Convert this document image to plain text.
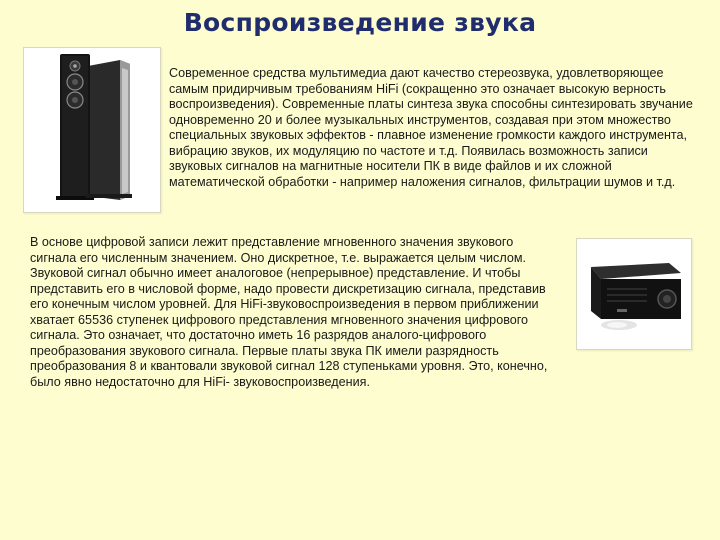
Воспроизведение звука

Современное средства мультимедиа дают качество стереозвука, удовлетворяющее самым придирчивым требованиям HiFi (сокращенно это означает высокую верность воспроизведения). Современные платы синтеза звука способны синтезировать звучание одновременно 20 и более музыкальных инструментов, создавая при этом множество специальных звуковых эффектов - плавное изменение громкости каждого инструмента, вибрацию звуков, их модуляцию по частоте и т.д. Появилась возможность записи звуковых сигналов на магнитные носители ПК в виде файлов и их сложной математической обработки - например наложения сигналов, фильтрации шумов и т.д.

В основе цифровой записи лежит представление мгновенного значения звукового сигнала его численным значением. Оно дискретное, т.е. выражается целым числом. Звуковой сигнал обычно имеет аналоговое (непрерывное) представление. И чтобы представить его в числовой форме, надо провести дискретизацию сигнала, представив его конечным числом уровней. Для HiFi-звуковоспроизведения в первом приближении хватает 65536 ступенек цифрового представления мгновенного значения цифрового сигнала. Это означает, что достаточно иметь 16 разрядов аналого-цифрового преобразования звукового сигнала. Первые платы звука ПК имели разрядность преобразования 8 и квантовали звуковой сигнал 128 ступеньками уровня. Это, конечно, было явно недостаточно для HiFi- звуковоспроизведения.
